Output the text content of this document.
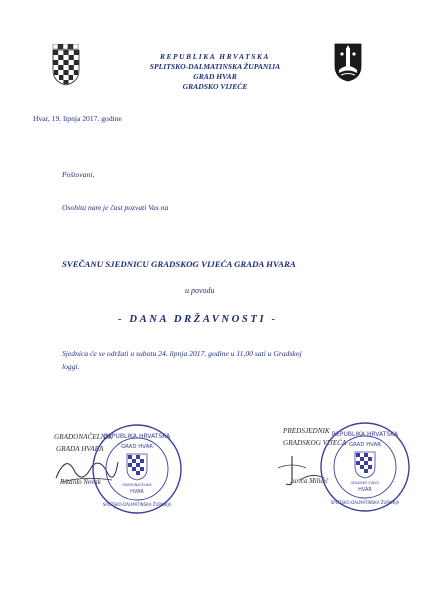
REPUBLIKA HRVATSKA
SPLITSKO-DALMATINSKA ŽUPANIJA
GRAD HVAR
GRADSKO VIJEĆE
Hvar, 19. lipnja 2017. godine
Poštovani,
Osobita nam je čast pozvati Vas na
SVEČANU SJEDNICU GRADSKOG VIJEĆA GRADA HVARA
u povodu
- DANA DRŽAVNOSTI -
Sjednica će se održati u subotu 24. lipnja 2017. godine u 11,00 sati u Gradskoj
loggi.
GRADONAČELNIK
GRADA HVARA
Rikardo Novak
REPUBLIKA HRVATSKA
GRAD HVAR
SPLITSKO-DALMATINSKA ŽUPANIJA
HVAR
GRADONAČELNIK
PREDSJEDNIK
GRADSKOG VIJEĆA
Jurica Miličić
REPUBLIKA HRVATSKA
GRAD HVAR
SPLITSKO-DALMATINSKA ŽUPANIJA
HVAR
GRADSKO VIJEĆE
